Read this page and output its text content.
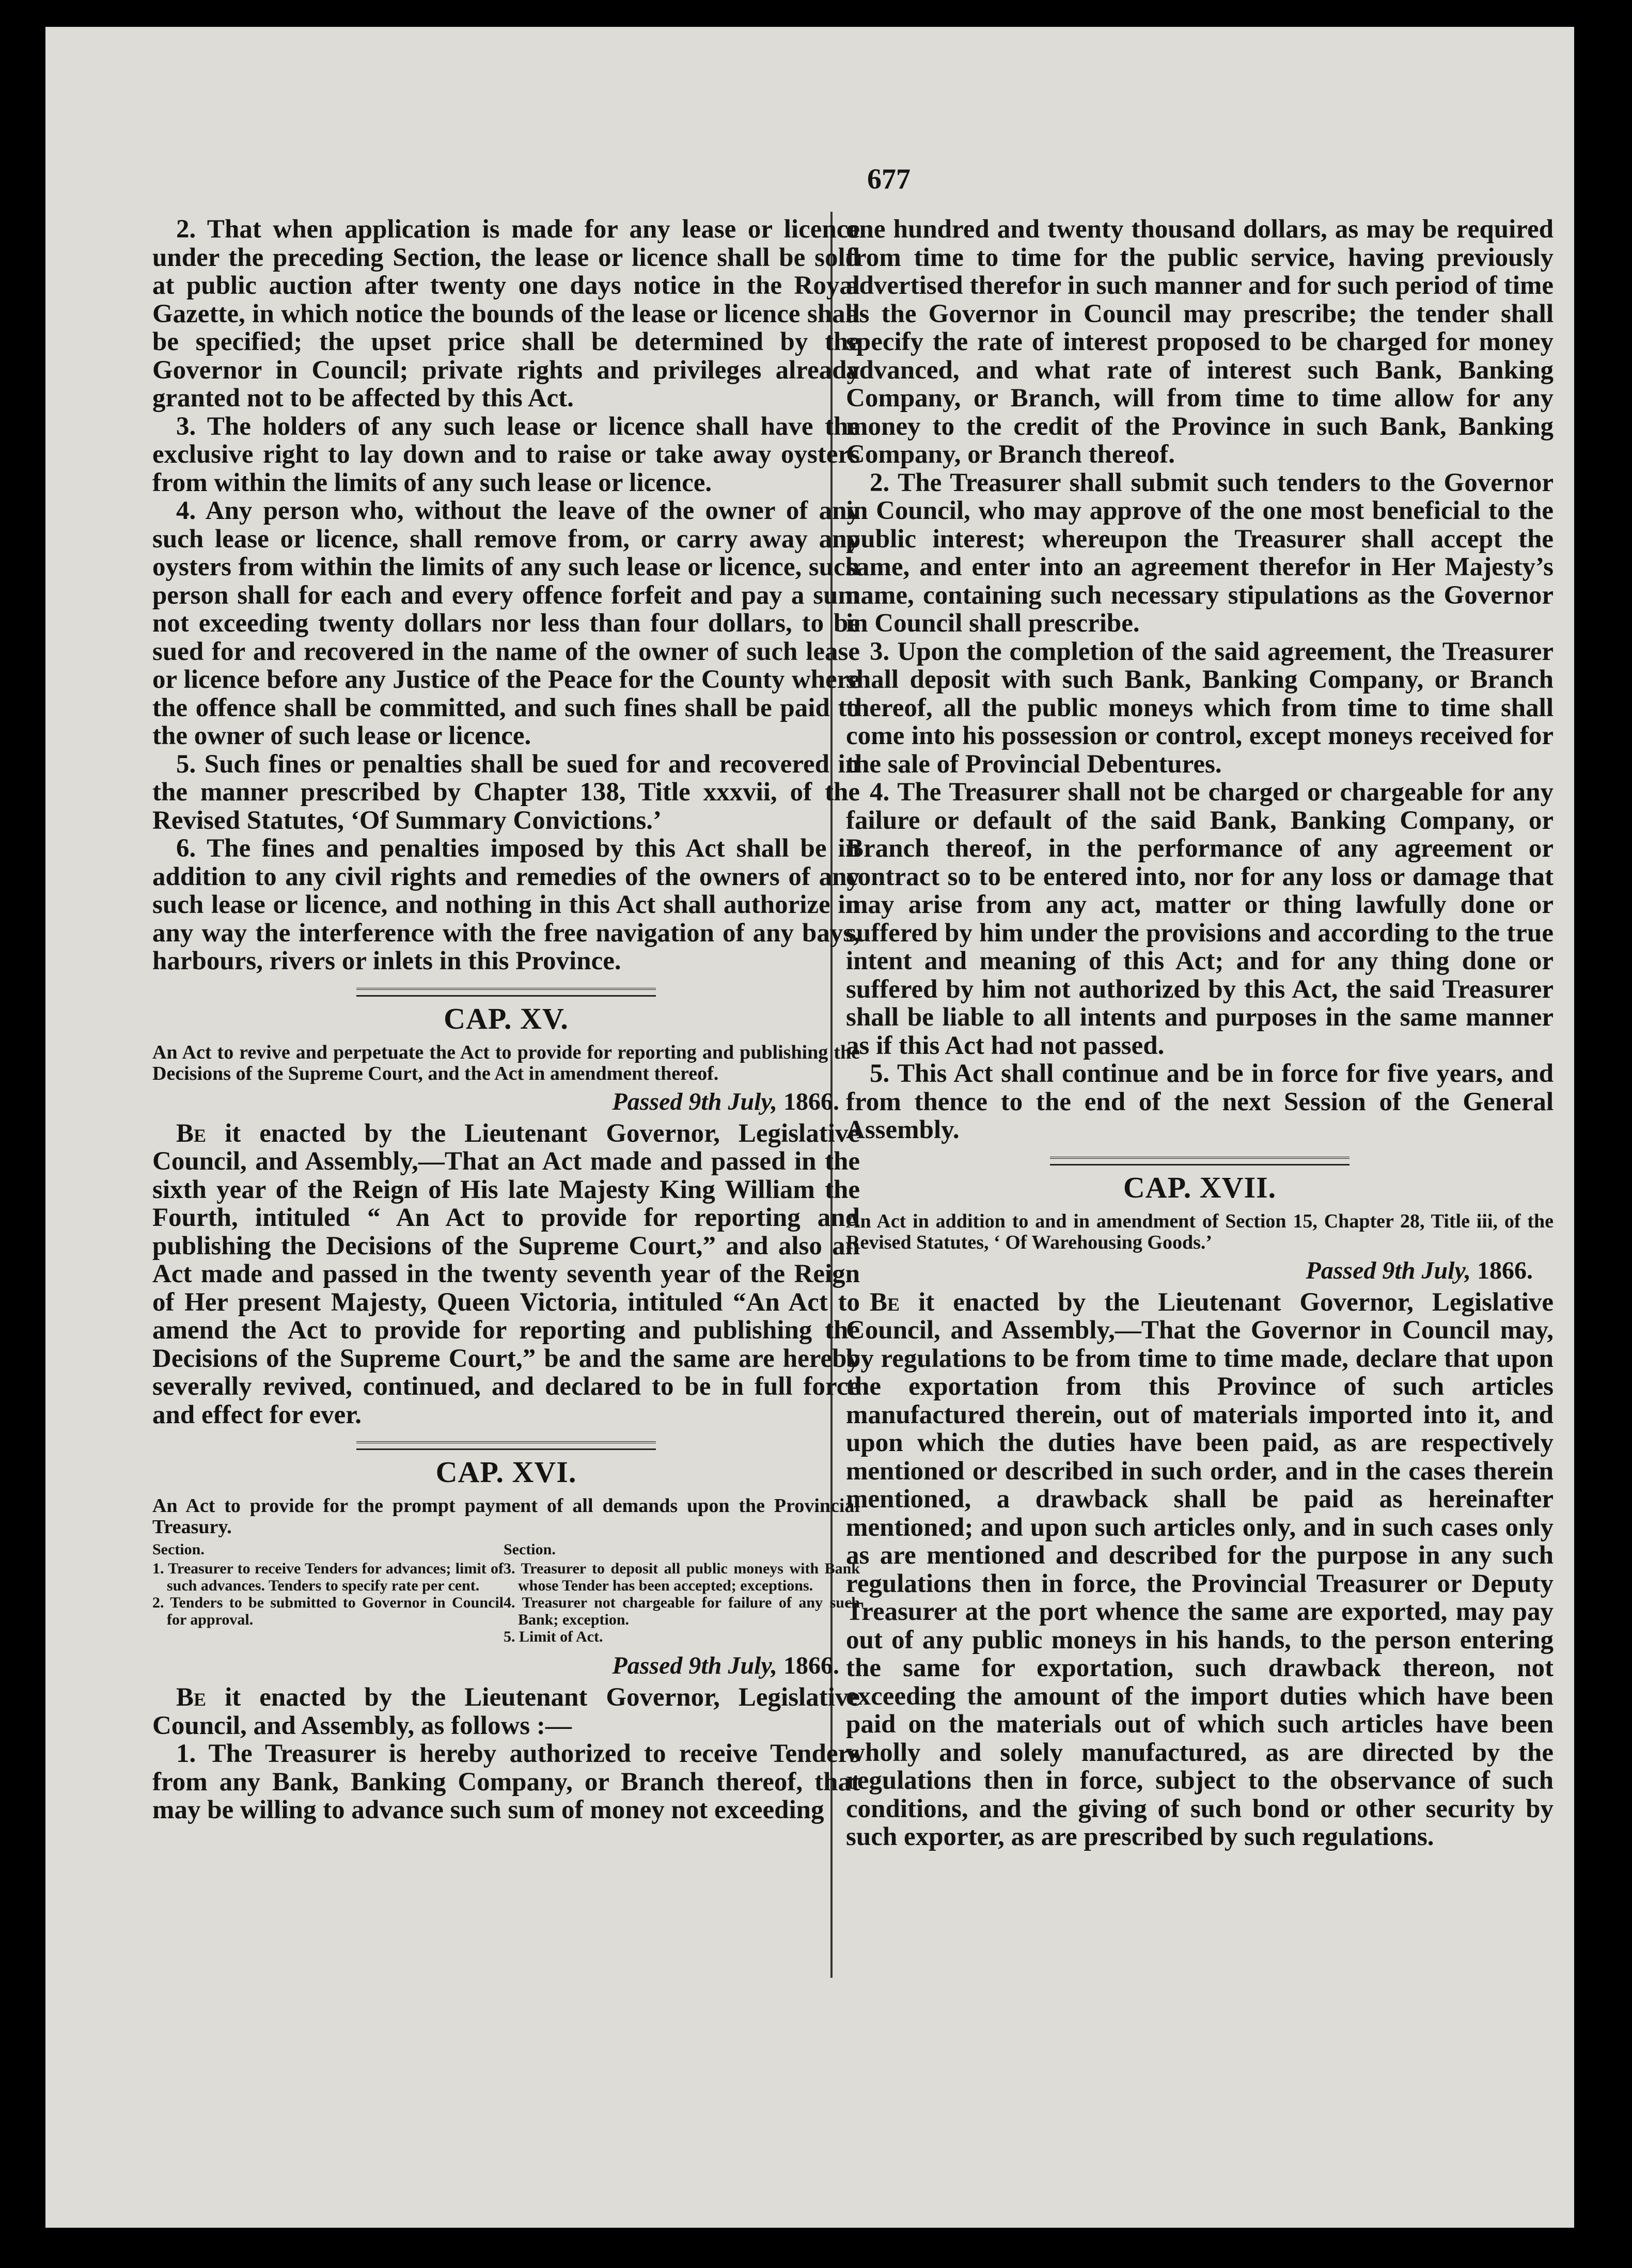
677

2. That when application is made for any lease or licence under the preceding Section, the lease or licence shall be sold at public auction after twenty one days notice in the Royal Gazette, in which notice the bounds of the lease or licence shall be specified; the upset price shall be determined by the Governor in Council; private rights and privileges already granted not to be affected by this Act.

3. The holders of any such lease or licence shall have the exclusive right to lay down and to raise or take away oysters from within the limits of any such lease or licence.

4. Any person who, without the leave of the owner of any such lease or licence, shall remove from, or carry away any oysters from within the limits of any such lease or licence, such person shall for each and every offence forfeit and pay a sum not exceeding twenty dollars nor less than four dollars, to be sued for and recovered in the name of the owner of such lease or licence before any Justice of the Peace for the County where the offence shall be committed, and such fines shall be paid to the owner of such lease or licence.

5. Such fines or penalties shall be sued for and recovered in the manner prescribed by Chapter 138, Title xxxvii, of the Revised Statutes, ‘Of Summary Convictions.’

6. The fines and penalties imposed by this Act shall be in addition to any civil rights and remedies of the owners of any such lease or licence, and nothing in this Act shall authorize in any way the interference with the free navigation of any bays, harbours, rivers or inlets in this Province.

CAP. XV.

An Act to revive and perpetuate the Act to provide for reporting and publishing the Decisions of the Supreme Court, and the Act in amendment thereof.

Passed 9th July, 1866.

Be it enacted by the Lieutenant Governor, Legislative Council, and Assembly,—That an Act made and passed in the sixth year of the Reign of His late Majesty King William the Fourth, intituled “ An Act to provide for reporting and publishing the Decisions of the Supreme Court,” and also an Act made and passed in the twenty seventh year of the Reign of Her present Majesty, Queen Victoria, intituled “An Act to amend the Act to provide for reporting and publishing the Decisions of the Supreme Court,” be and the same are hereby severally revived, continued, and declared to be in full force and effect for ever.

CAP. XVI.

An Act to provide for the prompt payment of all demands upon the Provincial Treasury.

Section.
1. Treasurer to receive Tenders for advances; limit of such advances. Tenders to specify rate per cent.
2. Tenders to be submitted to Governor in Council for approval.
Section.
3. Treasurer to deposit all public moneys with Bank whose Tender has been accepted; exceptions.
4. Treasurer not chargeable for failure of any such Bank; exception.
5. Limit of Act.
Passed 9th July, 1866.

Be it enacted by the Lieutenant Governor, Legislative Council, and Assembly, as follows :—

1. The Treasurer is hereby authorized to receive Tenders from any Bank, Banking Company, or Branch thereof, that may be willing to advance such sum of money not exceeding

one hundred and twenty thousand dollars, as may be required from time to time for the public service, having previously advertised therefor in such manner and for such period of time as the Governor in Council may prescribe; the tender shall specify the rate of interest proposed to be charged for money advanced, and what rate of interest such Bank, Banking Company, or Branch, will from time to time allow for any money to the credit of the Province in such Bank, Banking Company, or Branch thereof.

2. The Treasurer shall submit such tenders to the Governor in Council, who may approve of the one most beneficial to the public interest; whereupon the Treasurer shall accept the same, and enter into an agreement therefor in Her Majesty’s name, containing such necessary stipulations as the Governor in Council shall prescribe.

3. Upon the completion of the said agreement, the Treasurer shall deposit with such Bank, Banking Company, or Branch thereof, all the public moneys which from time to time shall come into his possession or control, except moneys received for the sale of Provincial Debentures.

4. The Treasurer shall not be charged or chargeable for any failure or default of the said Bank, Banking Company, or Branch thereof, in the performance of any agreement or contract so to be entered into, nor for any loss or damage that may arise from any act, matter or thing lawfully done or suffered by him under the provisions and according to the true intent and meaning of this Act; and for any thing done or suffered by him not authorized by this Act, the said Treasurer shall be liable to all intents and purposes in the same manner as if this Act had not passed.

5. This Act shall continue and be in force for five years, and from thence to the end of the next Session of the General Assembly.

CAP. XVII.

An Act in addition to and in amendment of Section 15, Chapter 28, Title iii, of the Revised Statutes, ‘ Of Warehousing Goods.’

Passed 9th July, 1866.

Be it enacted by the Lieutenant Governor, Legislative Council, and Assembly,—That the Governor in Council may, by regulations to be from time to time made, declare that upon the exportation from this Province of such articles manufactured therein, out of materials imported into it, and upon which the duties have been paid, as are respectively mentioned or described in such order, and in the cases therein mentioned, a drawback shall be paid as hereinafter mentioned; and upon such articles only, and in such cases only as are mentioned and described for the purpose in any such regulations then in force, the Provincial Treasurer or Deputy Treasurer at the port whence the same are exported, may pay out of any public moneys in his hands, to the person entering the same for exportation, such drawback thereon, not exceeding the amount of the import duties which have been paid on the materials out of which such articles have been wholly and solely manufactured, as are directed by the regulations then in force, subject to the observance of such conditions, and the giving of such bond or other security by such exporter, as are prescribed by such regulations.
